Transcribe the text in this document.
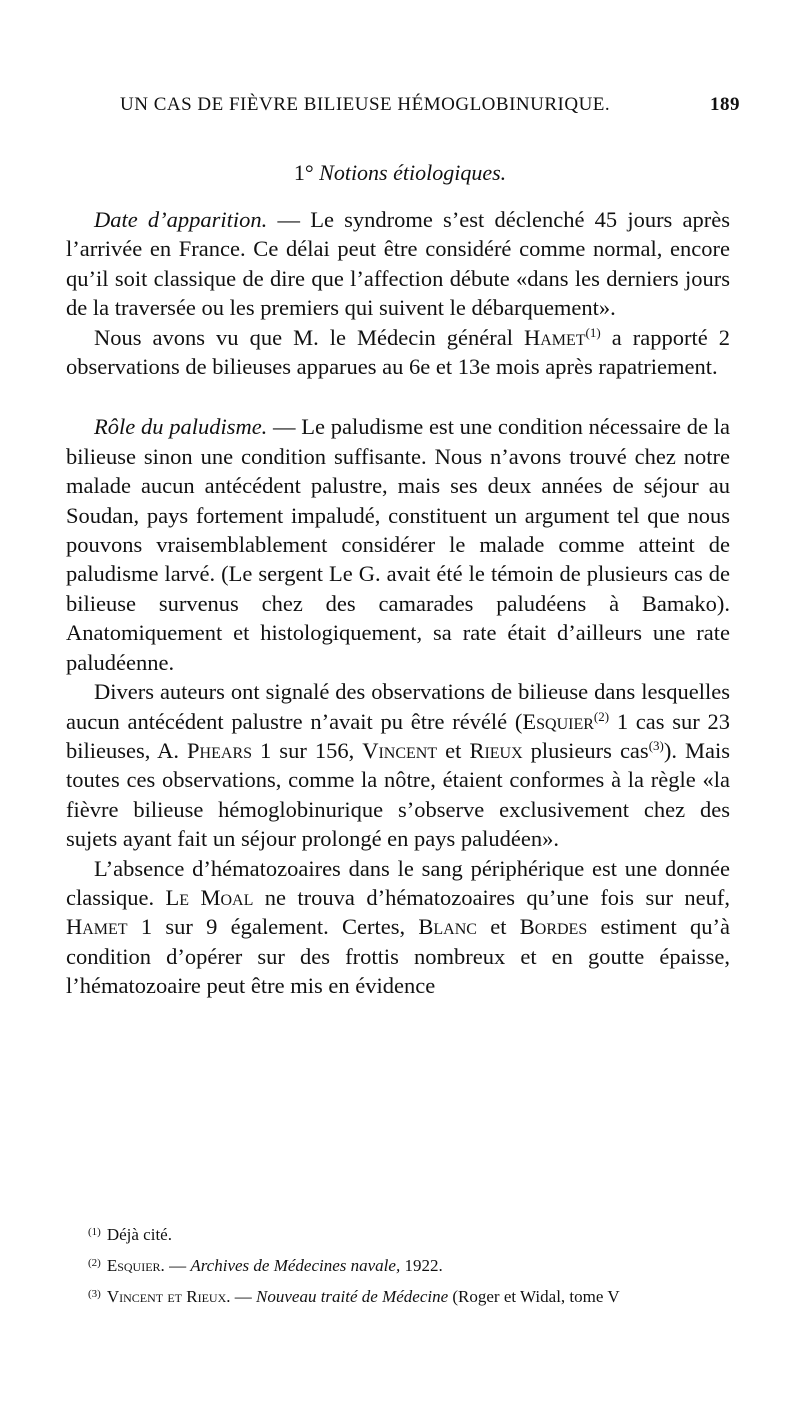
UN CAS DE FIÈVRE BILIEUSE HÉMOGLOBINURIQUE.	189
1° Notions étiologiques.

Date d’apparition. — Le syndrome s’est déclenché 45 jours après l’arrivée en France. Ce délai peut être considéré comme normal, encore qu’il soit classique de dire que l’affection débute «dans les derniers jours de la traversée ou les premiers qui suivent le débarquement».

Nous avons vu que M. le Médecin général Hamet$^{(1)}$ a rapporté 2 observations de bilieuses apparues au 6e et 13e mois après rapatriement.

Rôle du paludisme. — Le paludisme est une condition nécessaire de la bilieuse sinon une condition suffisante. Nous n’avons trouvé chez notre malade aucun antécédent palustre, mais ses deux années de séjour au Soudan, pays fortement impaludé, constituent un argument tel que nous pouvons vraisemblablement considérer le malade comme atteint de paludisme larvé. (Le sergent Le G. avait été le témoin de plusieurs cas de bilieuse survenus chez des camarades paludéens à Bamako). Anatomiquement et histologiquement, sa rate était d’ailleurs une rate paludéenne.

Divers auteurs ont signalé des observations de bilieuse dans lesquelles aucun antécédent palustre n’avait pu être révélé (Esquier$^{(2)}$ 1 cas sur 23 bilieuses, A. Phears 1 sur 156, Vincent et Rieux plusieurs cas$^{(3)}$). Mais toutes ces observations, comme la nôtre, étaient conformes à la règle «la fièvre bilieuse hémoglobinurique s’observe exclusivement chez des sujets ayant fait un séjour prolongé en pays paludéen».

L’absence d’hématozoaires dans le sang périphérique est une donnée classique. Le Moal ne trouva d’hématozoaires qu’une fois sur neuf, Hamet 1 sur 9 également. Certes, Blanc et Bordes estiment qu’à condition d’opérer sur des frottis nombreux et en goutte épaisse, l’hématozoaire peut être mis en évidence

$^{(1)}$ Déjà cité.
$^{(2)}$ Esquier. — Archives de Médecines navale, 1922.
$^{(3)}$ Vincent et Rieux. — Nouveau traité de Médecine (Roger et Widal, tome V
